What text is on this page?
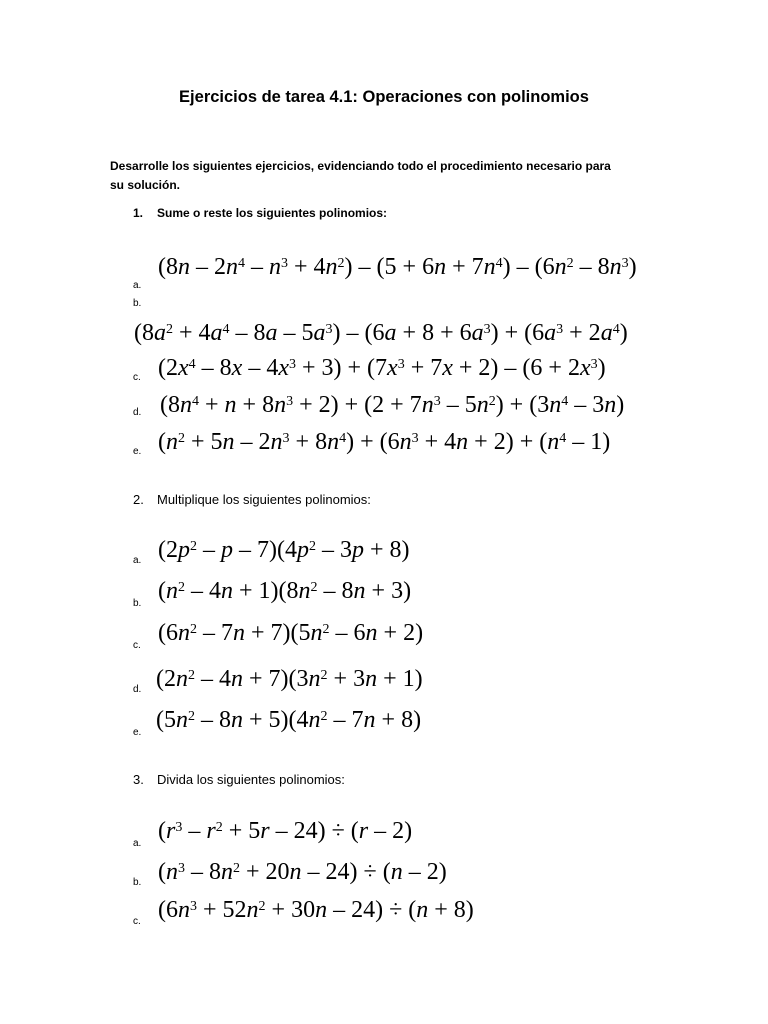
Ejercicios de tarea 4.1: Operaciones con polinomios
Desarrolle los siguientes ejercicios, evidenciando todo el procedimiento necesario para
su solución.
1. Sume o reste los siguientes polinomios:
a.
b.
c.
d.
e.
$(8n - 2n^4 - n^3 + 4n^2) - (5 + 6n + 7n^4) - (6n^2 - 8n^3)$
$(8a^2 + 4a^4 - 8a - 5a^3) - (6a + 8 + 6a^3) + (6a^3 + 2a^4)$
$(2x^4 - 8x - 4x^3 + 3) + (7x^3 + 7x + 2) - (6 + 2x^3)$
$(8n^4 + n + 8n^3 + 2) + (2 + 7n^3 - 5n^2) + (3n^4 - 3n)$
$(n^2 + 5n - 2n^3 + 8n^4) + (6n^3 + 4n + 2) + (n^4 - 1)$
2. Multiplique los siguientes polinomios:
a.
b.
c.
d.
e.
$(2p^2 - p - 7)(4p^2 - 3p + 8)$
$(n^2 - 4n + 1)(8n^2 - 8n + 3)$
$(6n^2 - 7n + 7)(5n^2 - 6n + 2)$
$(2n^2 - 4n + 7)(3n^2 + 3n + 1)$
$(5n^2 - 8n + 5)(4n^2 - 7n + 8)$
3. Divida los siguientes polinomios:
a.
b.
c.
$(r^3 - r^2 + 5r - 24) \div (r - 2)$
$(n^3 - 8n^2 + 20n - 24) \div (n - 2)$
$(6n^3 + 52n^2 + 30n - 24) \div (n + 8)$
